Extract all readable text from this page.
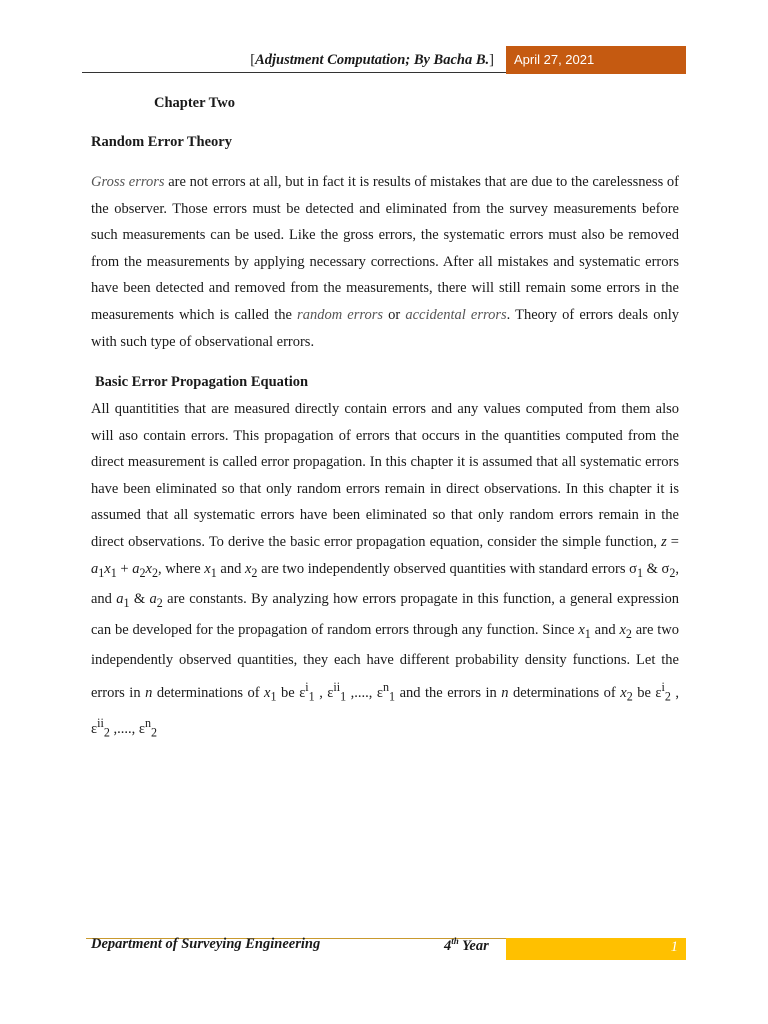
[Adjustment Computation; By Bacha B.]	April 27, 2021
Chapter Two
Random Error Theory
Gross errors are not errors at all, but in fact it is results of mistakes that are due to the carelessness of the observer. Those errors must be detected and eliminated from the survey measurements before such measurements can be used. Like the gross errors, the systematic errors must also be removed from the measurements by applying necessary corrections. After all mistakes and systematic errors have been detected and removed from the measurements, there will still remain some errors in the measurements which is called the random errors or accidental errors. Theory of errors deals only with such type of observational errors.
Basic Error Propagation Equation
All quantitities that are measured directly contain errors and any values computed from them also will aso contain errors. This propagation of errors that occurs in the quantities computed from the direct measurement is called error propagation. In this chapter it is assumed that all systematic errors have been eliminated so that only random errors remain in direct observations. In this chapter it is assumed that all systematic errors have been eliminated so that only random errors remain in the direct observations. To derive the basic error propagation equation, consider the simple function, $z = a_1x_1 + a_2x_2$, where $x_1$ and $x_2$ are two independently observed quantities with standard errors $\sigma_1$ & $\sigma_2$, and $a_1$ & $a_2$ are constants. By analyzing how errors propagate in this function, a general expression can be developed for the propagation of random errors through any function. Since $x_1$ and $x_2$ are two independently observed quantities, they each have different probability density functions. Let the errors in n determinations of $x_1$ be $\varepsilon^i_1$ , $\varepsilon^{ii}_1$ ,...., $\varepsilon^n_1$ and the errors in n determinations of $x_2$ be $\varepsilon^i_2$ , $\varepsilon^{ii}_2$ ,...., $\varepsilon^n_2$
Department of Surveying Engineering	4th Year	1
